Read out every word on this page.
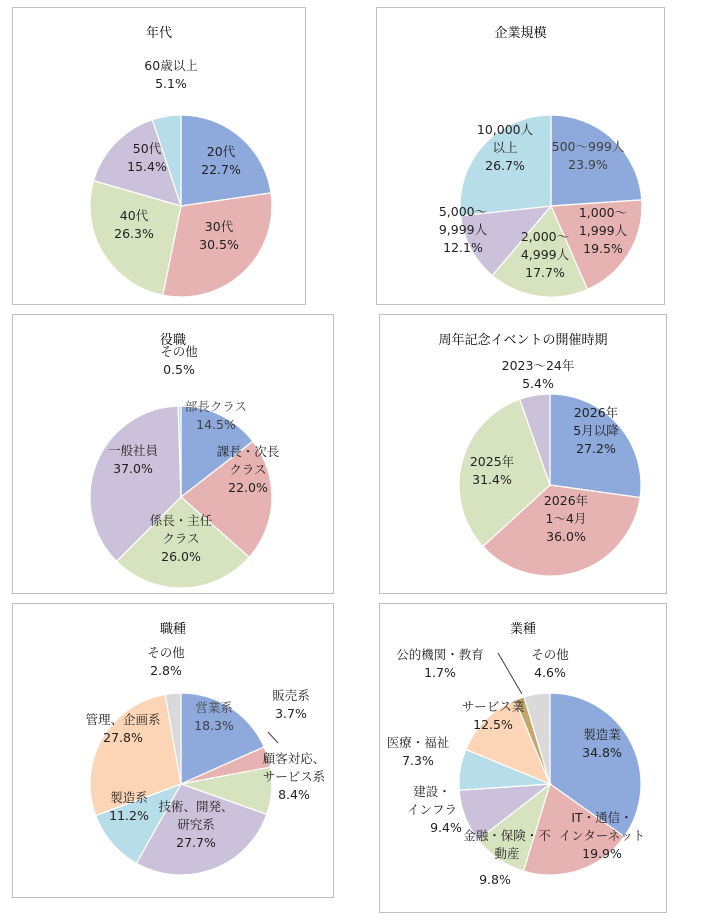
年代
20代
22.7%
30代
30.5%
40代
26.3%
50代
15.4%
60歳以上
5.1%
企業規模
500～999人
23.9%
1,000～
1,999人
19.5%
2,000～
4,999人
17.7%
5,000～
9,999人
12.1%
10,000人
以上
26.7%
役職
部長クラス
14.5%
課長・次長
クラス
22.0%
係長・主任
クラス
26.0%
一般社員
37.0%
その他
0.5%
周年記念イベントの開催時期
2026年
5月以降
27.2%
2026年
1～4月
36.0%
2025年
31.4%
2023～24年
5.4%
職種
営業系
18.3%
販売系
3.7%
顧客対応、
サービス系
8.4%
技術、開発、
研究系
27.7%
製造系
11.2%
管理、企画系
27.8%
その他
2.8%
業種
製造業
34.8%
IT・通信・
インターネット
19.9%
金融・保険・不
動産
9.8%
建設・
インフラ
9.4%
医療・福祉
7.3%
サービス業
12.5%
公的機関・教育
1.7%
その他
4.6%
